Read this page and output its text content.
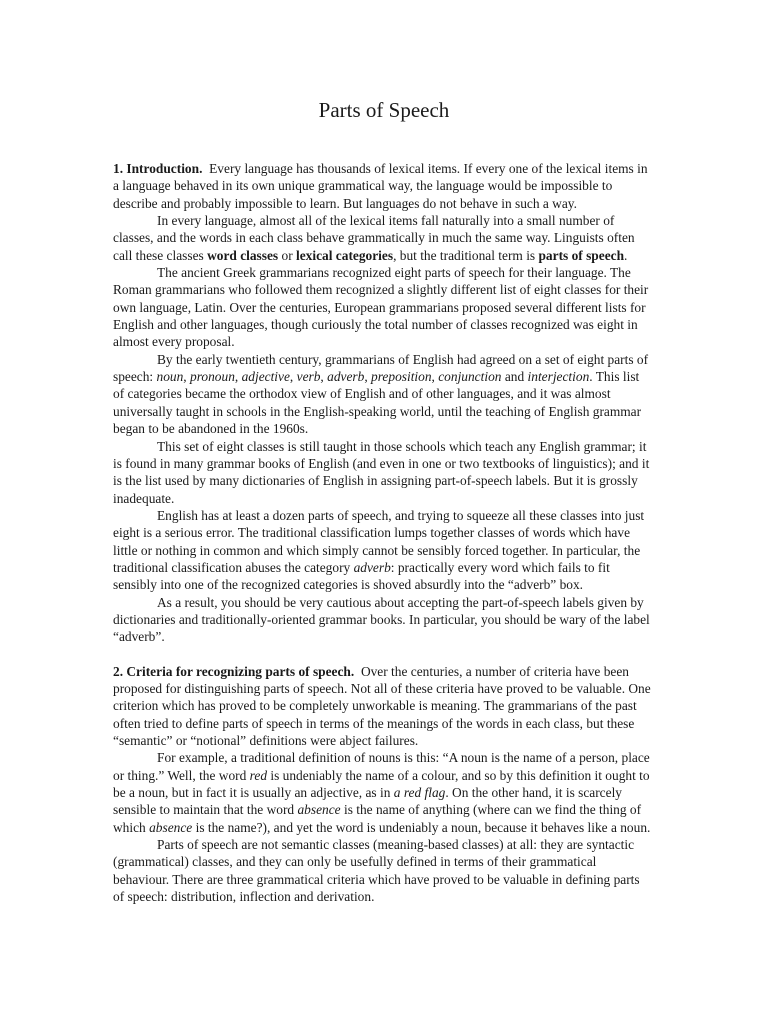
Parts of Speech

1. Introduction. Every language has thousands of lexical items. If every one of the lexical items in a language behaved in its own unique grammatical way, the language would be impossible to describe and probably impossible to learn. But languages do not behave in such a way.

In every language, almost all of the lexical items fall naturally into a small number of classes, and the words in each class behave grammatically in much the same way. Linguists often call these classes word classes or lexical categories, but the traditional term is parts of speech.

The ancient Greek grammarians recognized eight parts of speech for their language. The Roman grammarians who followed them recognized a slightly different list of eight classes for their own language, Latin. Over the centuries, European grammarians proposed several different lists for English and other languages, though curiously the total number of classes recognized was eight in almost every proposal.

By the early twentieth century, grammarians of English had agreed on a set of eight parts of speech: noun, pronoun, adjective, verb, adverb, preposition, conjunction and interjection. This list of categories became the orthodox view of English and of other languages, and it was almost universally taught in schools in the English-speaking world, until the teaching of English grammar began to be abandoned in the 1960s.

This set of eight classes is still taught in those schools which teach any English grammar; it is found in many grammar books of English (and even in one or two textbooks of linguistics); and it is the list used by many dictionaries of English in assigning part-of-speech labels. But it is grossly inadequate.

English has at least a dozen parts of speech, and trying to squeeze all these classes into just eight is a serious error. The traditional classification lumps together classes of words which have little or nothing in common and which simply cannot be sensibly forced together. In particular, the traditional classification abuses the category adverb: practically every word which fails to fit sensibly into one of the recognized categories is shoved absurdly into the “adverb” box.

As a result, you should be very cautious about accepting the part-of-speech labels given by dictionaries and traditionally-oriented grammar books. In particular, you should be wary of the label “adverb”.

2. Criteria for recognizing parts of speech. Over the centuries, a number of criteria have been proposed for distinguishing parts of speech. Not all of these criteria have proved to be valuable. One criterion which has proved to be completely unworkable is meaning. The grammarians of the past often tried to define parts of speech in terms of the meanings of the words in each class, but these “semantic” or “notional” definitions were abject failures.

For example, a traditional definition of nouns is this: “A noun is the name of a person, place or thing.” Well, the word red is undeniably the name of a colour, and so by this definition it ought to be a noun, but in fact it is usually an adjective, as in a red flag. On the other hand, it is scarcely sensible to maintain that the word absence is the name of anything (where can we find the thing of which absence is the name?), and yet the word is undeniably a noun, because it behaves like a noun.

Parts of speech are not semantic classes (meaning-based classes) at all: they are syntactic (grammatical) classes, and they can only be usefully defined in terms of their grammatical behaviour. There are three grammatical criteria which have proved to be valuable in defining parts of speech: distribution, inflection and derivation.
